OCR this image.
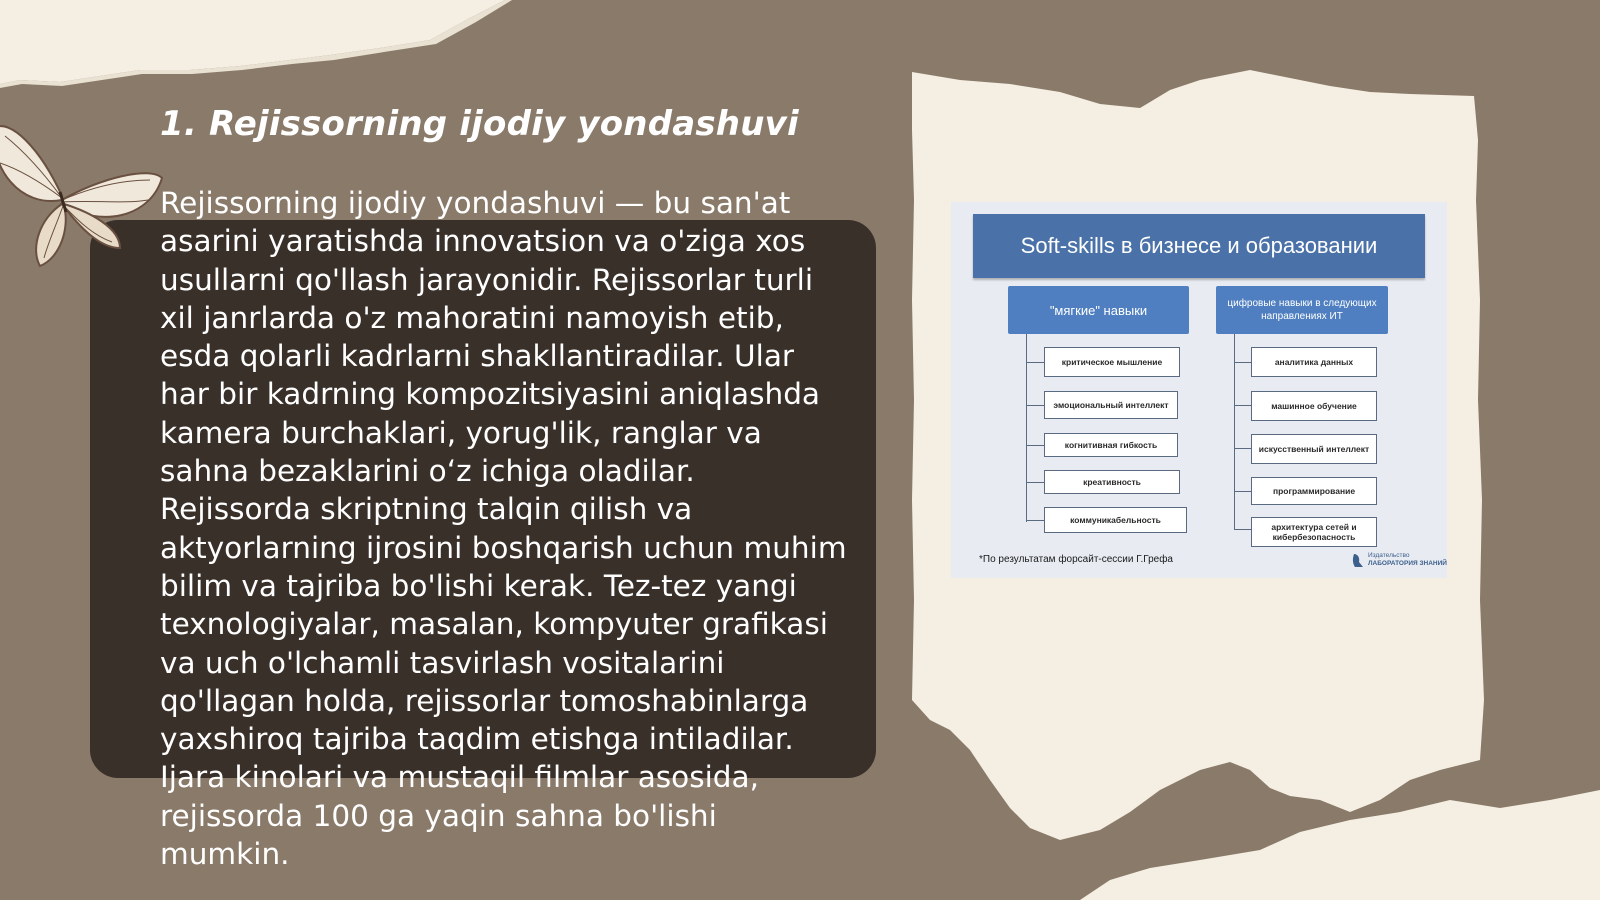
1. Rejissorning ijodiy yondashuvi

Rejissorning ijodiy yondashuvi — bu san'at asarini yaratishda innovatsion va o'ziga xos usullarni qo'llash jarayonidir. Rejissorlar turli xil janrlarda o'z mahoratini namoyish etib, esda qolarli kadrlarni shakllantiradilar. Ular har bir kadrning kompozitsiyasini aniqlashda kamera burchaklari, yorug'lik, ranglar va sahna bezaklarini o‘z ichiga oladilar. Rejissorda skriptning talqin qilish va aktyorlarning ijrosini boshqarish uchun muhim bilim va tajriba bo'lishi kerak. Tez-tez yangi texnologiyalar, masalan, kompyuter grafikasi va uch o'lchamli tasvirlash vositalarini qo'llagan holda, rejissorlar tomoshabinlarga yaxshiroq tajriba taqdim etishga intiladilar. Ijara kinolari va mustaqil filmlar asosida, rejissorda 100 ga yaqin sahna bo'lishi mumkin.

Soft-skills в бизнесе и образовании
"мягкие" навыки	цифровые навыки в следующих направлениях ИТ
критическое мышление
эмоциональный интеллект
когнитивная гибкость
креативность
коммуникабельность
аналитика данных
машинное обучение
искусственный интеллект
программирование
архитектура сетей и кибербезопасность
*По результатам форсайт-сессии Г.Грефа	Издательство
ЛАБОРАТОРИЯ ЗНАНИЙ
